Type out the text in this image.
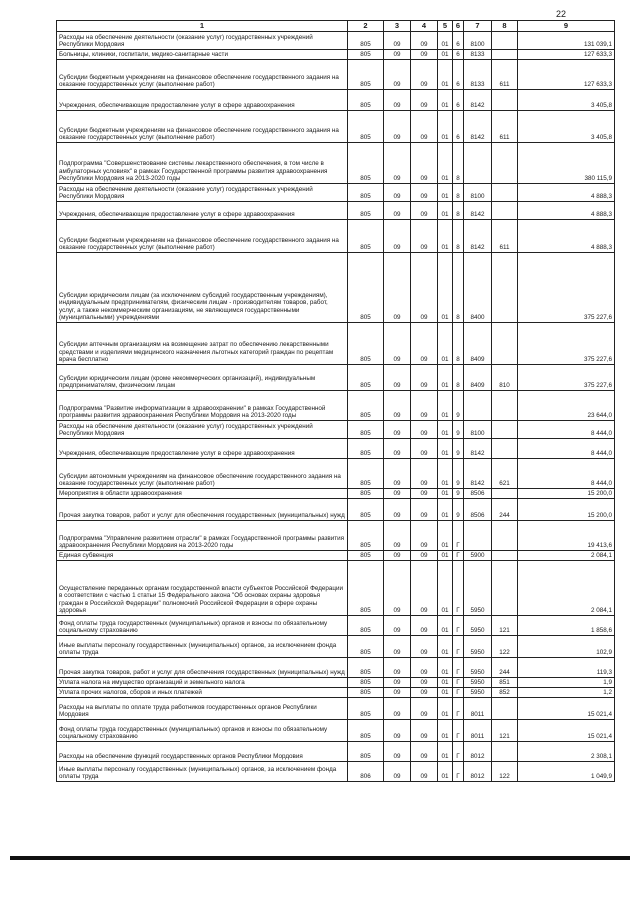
22
1	2	3	4	5	6	7	8	9
Расходы на обеспечение деятельности (оказание услуг) государственных учреждений Республики Мордовия	805	09	09	01	6	8100		131 039,1
Больницы, клиники, госпитали, медико-санитарные части	805	09	09	01	6	8133		127 633,3
Субсидии бюджетным учреждениям на финансовое обеспечение государственного задания на оказание государственных услуг (выполнение работ)	805	09	09	01	6	8133	611	127 633,3
Учреждения, обеспечивающие предоставление услуг в сфере здравоохранения	805	09	09	01	6	8142		3 405,8
Субсидии бюджетным учреждениям на финансовое обеспечение государственного задания на оказание государственных услуг (выполнение работ)	805	09	09	01	6	8142	611	3 405,8
Подпрограмма "Совершенствование системы лекарственного обеспечения, в том числе в амбулаторных условиях" в рамках Государственной программы развития здравоохранения Республики Мордовия на 2013-2020 годы	805	09	09	01	8			380 115,9
Расходы на обеспечение деятельности (оказание услуг) государственных учреждений Республики Мордовия	805	09	09	01	8	8100		4 888,3
Учреждения, обеспечивающие предоставление услуг в сфере здравоохранения	805	09	09	01	8	8142		4 888,3
Субсидии бюджетным учреждениям на финансовое обеспечение государственного задания на оказание государственных услуг (выполнение работ)	805	09	09	01	8	8142	611	4 888,3
Субсидии юридическим лицам (за исключением субсидий государственным учреждениям), индивидуальным предпринимателям, физическим лицам - производителям товаров, работ, услуг, а также некоммерческим организациям, не являющимся государственными (муниципальными) учреждениями	805	09	09	01	8	8400		375 227,6
Субсидии аптечным организациям на возмещение затрат по обеспечению лекарственными средствами и изделиями медицинского назначения льготных категорий граждан по рецептам врача бесплатно	805	09	09	01	8	8409		375 227,6
Субсидии юридическим лицам (кроме некоммерческих организаций), индивидуальным предпринимателям, физическим лицам	805	09	09	01	8	8409	810	375 227,6
Подпрограмма "Развитие информатизации в здравоохранении" в рамках Государственной программы развития здравоохранения Республики Мордовия на 2013-2020 годы	805	09	09	01	9			23 644,0
Расходы на обеспечение деятельности (оказание услуг) государственных учреждений Республики Мордовия	805	09	09	01	9	8100		8 444,0
Учреждения, обеспечивающие предоставление услуг в сфере здравоохранения	805	09	09	01	9	8142		8 444,0
Субсидии автономным учреждениям на финансовое обеспечение государственного задания на оказание государственных услуг (выполнение работ)	805	09	09	01	9	8142	621	8 444,0
Мероприятия в области здравоохранения	805	09	09	01	9	8506		15 200,0
Прочая закупка товаров, работ и услуг для обеспечения государственных (муниципальных) нужд	805	09	09	01	9	8506	244	15 200,0
Подпрограмма "Управление развитием отрасли" в рамках Государственной программы развития здравоохранения Республики Мордовия на 2013-2020 годы	805	09	09	01	Г			19 413,6
Единая субвенция	805	09	09	01	Г	5900		2 084,1
Осуществление переданных органам государственной власти субъектов Российской Федерации в соответствии с частью 1 статьи 15 Федерального закона "Об основах охраны здоровья граждан в Российской Федерации" полномочий Российской Федерации в сфере охраны здоровья	805	09	09	01	Г	5950		2 084,1
Фонд оплаты труда государственных (муниципальных) органов и взносы по обязательному социальному страхованию	805	09	09	01	Г	5950	121	1 858,6
Иные выплаты персоналу государственных (муниципальных) органов, за исключением фонда оплаты труда	805	09	09	01	Г	5950	122	102,9
Прочая закупка товаров, работ и услуг для обеспечения государственных (муниципальных) нужд	805	09	09	01	Г	5950	244	119,3
Уплата налога на имущество организаций и земельного налога	805	09	09	01	Г	5950	851	1,9
Уплата прочих налогов, сборов и иных платежей	805	09	09	01	Г	5950	852	1,2
Расходы на выплаты по оплате труда работников государственных органов Республики Мордовия	805	09	09	01	Г	8011		15 021,4
Фонд оплаты труда государственных (муниципальных) органов и взносы по обязательному социальному страхованию	805	09	09	01	Г	8011	121	15 021,4
Расходы на обеспечение функций государственных органов Республики Мордовия	805	09	09	01	Г	8012		2 308,1
Иные выплаты персоналу государственных (муниципальных) органов, за исключением фонда оплаты труда	806	09	09	01	Г	8012	122	1 049,9
